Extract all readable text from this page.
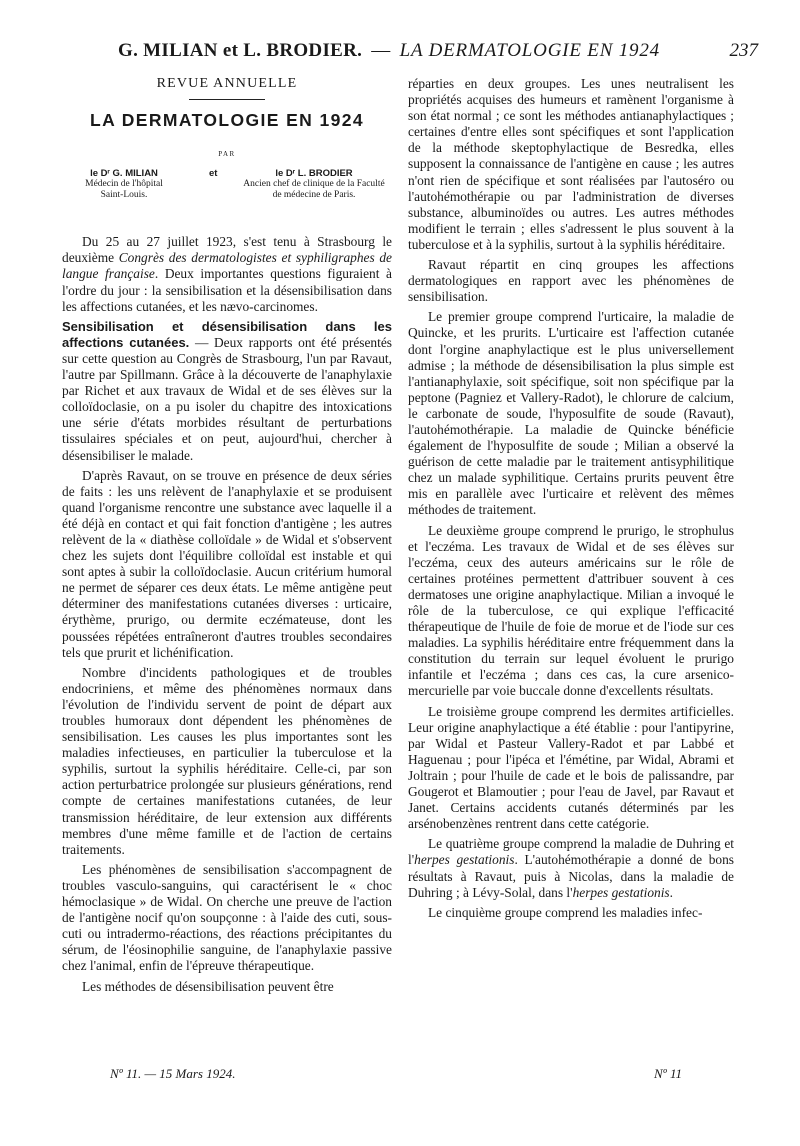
G. MILIAN et L. BRODIER. — LA DERMATOLOGIE EN 1924	237
REVUE ANNUELLE
LA DERMATOLOGIE EN 1924
PAR
le Dʳ G. MILIAN
Médecin de l'hôpital
Saint-Louis.
et	le Dʳ L. BRODIER
Ancien chef de clinique de la Faculté
de médecine de Paris.

Du 25 au 27 juillet 1923, s'est tenu à Strasbourg le deuxième Congrès des dermatologistes et syphiligraphes de langue française. Deux importantes questions figuraient à l'ordre du jour : la sensibilisation et la désensibilisation dans les affections cutanées, et les nævo-carcinomes.

Sensibilisation et désensibilisation dans les affections cutanées. — Deux rapports ont été présentés sur cette question au Congrès de Strasbourg, l'un par Ravaut, l'autre par Spillmann. Grâce à la découverte de l'anaphylaxie par Richet et aux travaux de Widal et de ses élèves sur la colloïdoclasie, on a pu isoler du chapitre des intoxications une série d'états morbides résultant de perturbations tissulaires spéciales et on peut, aujourd'hui, chercher à désensibiliser le malade.

D'après Ravaut, on se trouve en présence de deux séries de faits : les uns relèvent de l'anaphylaxie et se produisent quand l'organisme rencontre une substance avec laquelle il a été déjà en contact et qui fait fonction d'antigène ; les autres relèvent de la « diathèse colloïdale » de Widal et s'observent chez les sujets dont l'équilibre colloïdal est instable et qui sont aptes à subir la colloïdoclasie. Aucun critérium humoral ne permet de séparer ces deux états. Le même antigène peut déterminer des manifestations cutanées diverses : urticaire, érythème, prurigo, ou dermite eczémateuse, dont les poussées répétées entraîneront d'autres troubles secondaires tels que prurit et lichénification.

Nombre d'incidents pathologiques et de troubles endocriniens, et même des phénomènes normaux dans l'évolution de l'individu servent de point de départ aux troubles humoraux dont dépendent les phénomènes de sensibilisation. Les causes les plus importantes sont les maladies infectieuses, en particulier la tuberculose et la syphilis, surtout la syphilis héréditaire. Celle-ci, par son action perturbatrice prolongée sur plusieurs générations, rend compte de certaines manifestations cutanées, de leur transmission héréditaire, de leur extension aux différents membres d'une même famille et de l'action de certains traitements.

Les phénomènes de sensibilisation s'accompagnent de troubles vasculo-sanguins, qui caractérisent le « choc hémoclasique » de Widal. On cherche une preuve de l'action de l'antigène nocif qu'on soupçonne : à l'aide des cuti, sous-cuti ou intradermo-réactions, des réactions précipitantes du sérum, de l'éosinophilie sanguine, de l'anaphylaxie passive chez l'animal, enfin de l'épreuve thérapeutique.

Les méthodes de désensibilisation peuvent être

réparties en deux groupes. Les unes neutralisent les propriétés acquises des humeurs et ramènent l'organisme à son état normal ; ce sont les méthodes antianaphylactiques ; certaines d'entre elles sont spécifiques et sont l'application de la méthode skeptophylactique de Besredka, elles supposent la connaissance de l'antigène en cause ; les autres n'ont rien de spécifique et sont réalisées par l'autosérо ou l'autohémothérapie ou par l'administration de diverses substance, albuminoïdes ou autres. Les autres méthodes modifient le terrain ; elles s'adressent le plus souvent à la tuberculose et à la syphilis, surtout à la syphilis héréditaire.

Ravaut répartit en cinq groupes les affections dermatologiques en rapport avec les phénomènes de sensibilisation.

Le premier groupe comprend l'urticaire, la maladie de Quincke, et les prurits. L'urticaire est l'affection cutanée dont l'orgine anaphylactique est le plus universellement admise ; la méthode de désensibilisation la plus simple est l'antianaphylaxie, soit spécifique, soit non spécifique par la peptone (Pagniez et Vallery-Radot), le chlorure de calcium, le carbonate de soude, l'hyposulfite de soude (Ravaut), l'autohémothérapie. La maladie de Quincke bénéficie également de l'hyposulfite de soude ; Milian a observé la guérison de cette maladie par le traitement antisyphilitique chez un malade syphilitique. Certains prurits peuvent être mis en parallèle avec l'urticaire et relèvent des mêmes méthodes de traitement.

Le deuxième groupe comprend le prurigo, le strophulus et l'eczéma. Les travaux de Widal et de ses élèves sur l'eczéma, ceux des auteurs américains sur le rôle de certaines protéines permettent d'attribuer souvent à ces dermatoses une origine anaphylactique. Milian a invoqué le rôle de la tuberculose, ce qui explique l'efficacité thérapeutique de l'huile de foie de morue et de l'iode sur ces maladies. La syphilis héréditaire entre fréquemment dans la constitution du terrain sur lequel évoluent le prurigo infantile et l'eczéma ; dans ces cas, la cure arsenico-mercurielle par voie buccale donne d'excellents résultats.

Le troisième groupe comprend les dermites artificielles. Leur origine anaphylactique a été établie : pour l'antipyrine, par Widal et Pasteur Vallery-Radot et par Labbé et Haguenau ; pour l'ipéca et l'émétine, par Widal, Abrami et Joltrain ; pour l'huile de cade et le bois de palissandre, par Gougerot et Blamoutier ; pour l'eau de Javel, par Ravaut et Janet. Certains accidents cutanés déterminés par les arsénobenzènes rentrent dans cette catégorie.

Le quatrième groupe comprend la maladie de Duhring et l'herpes gestationis. L'autohémothérapie a donné de bons résultats à Ravaut, puis à Nicolas, dans la maladie de Duhring ; à Lévy-Solal, dans l'herpes gestationis.

Le cinquième groupe comprend les maladies infec-

Nº 11. — 15 Mars 1924.	Nº 11
